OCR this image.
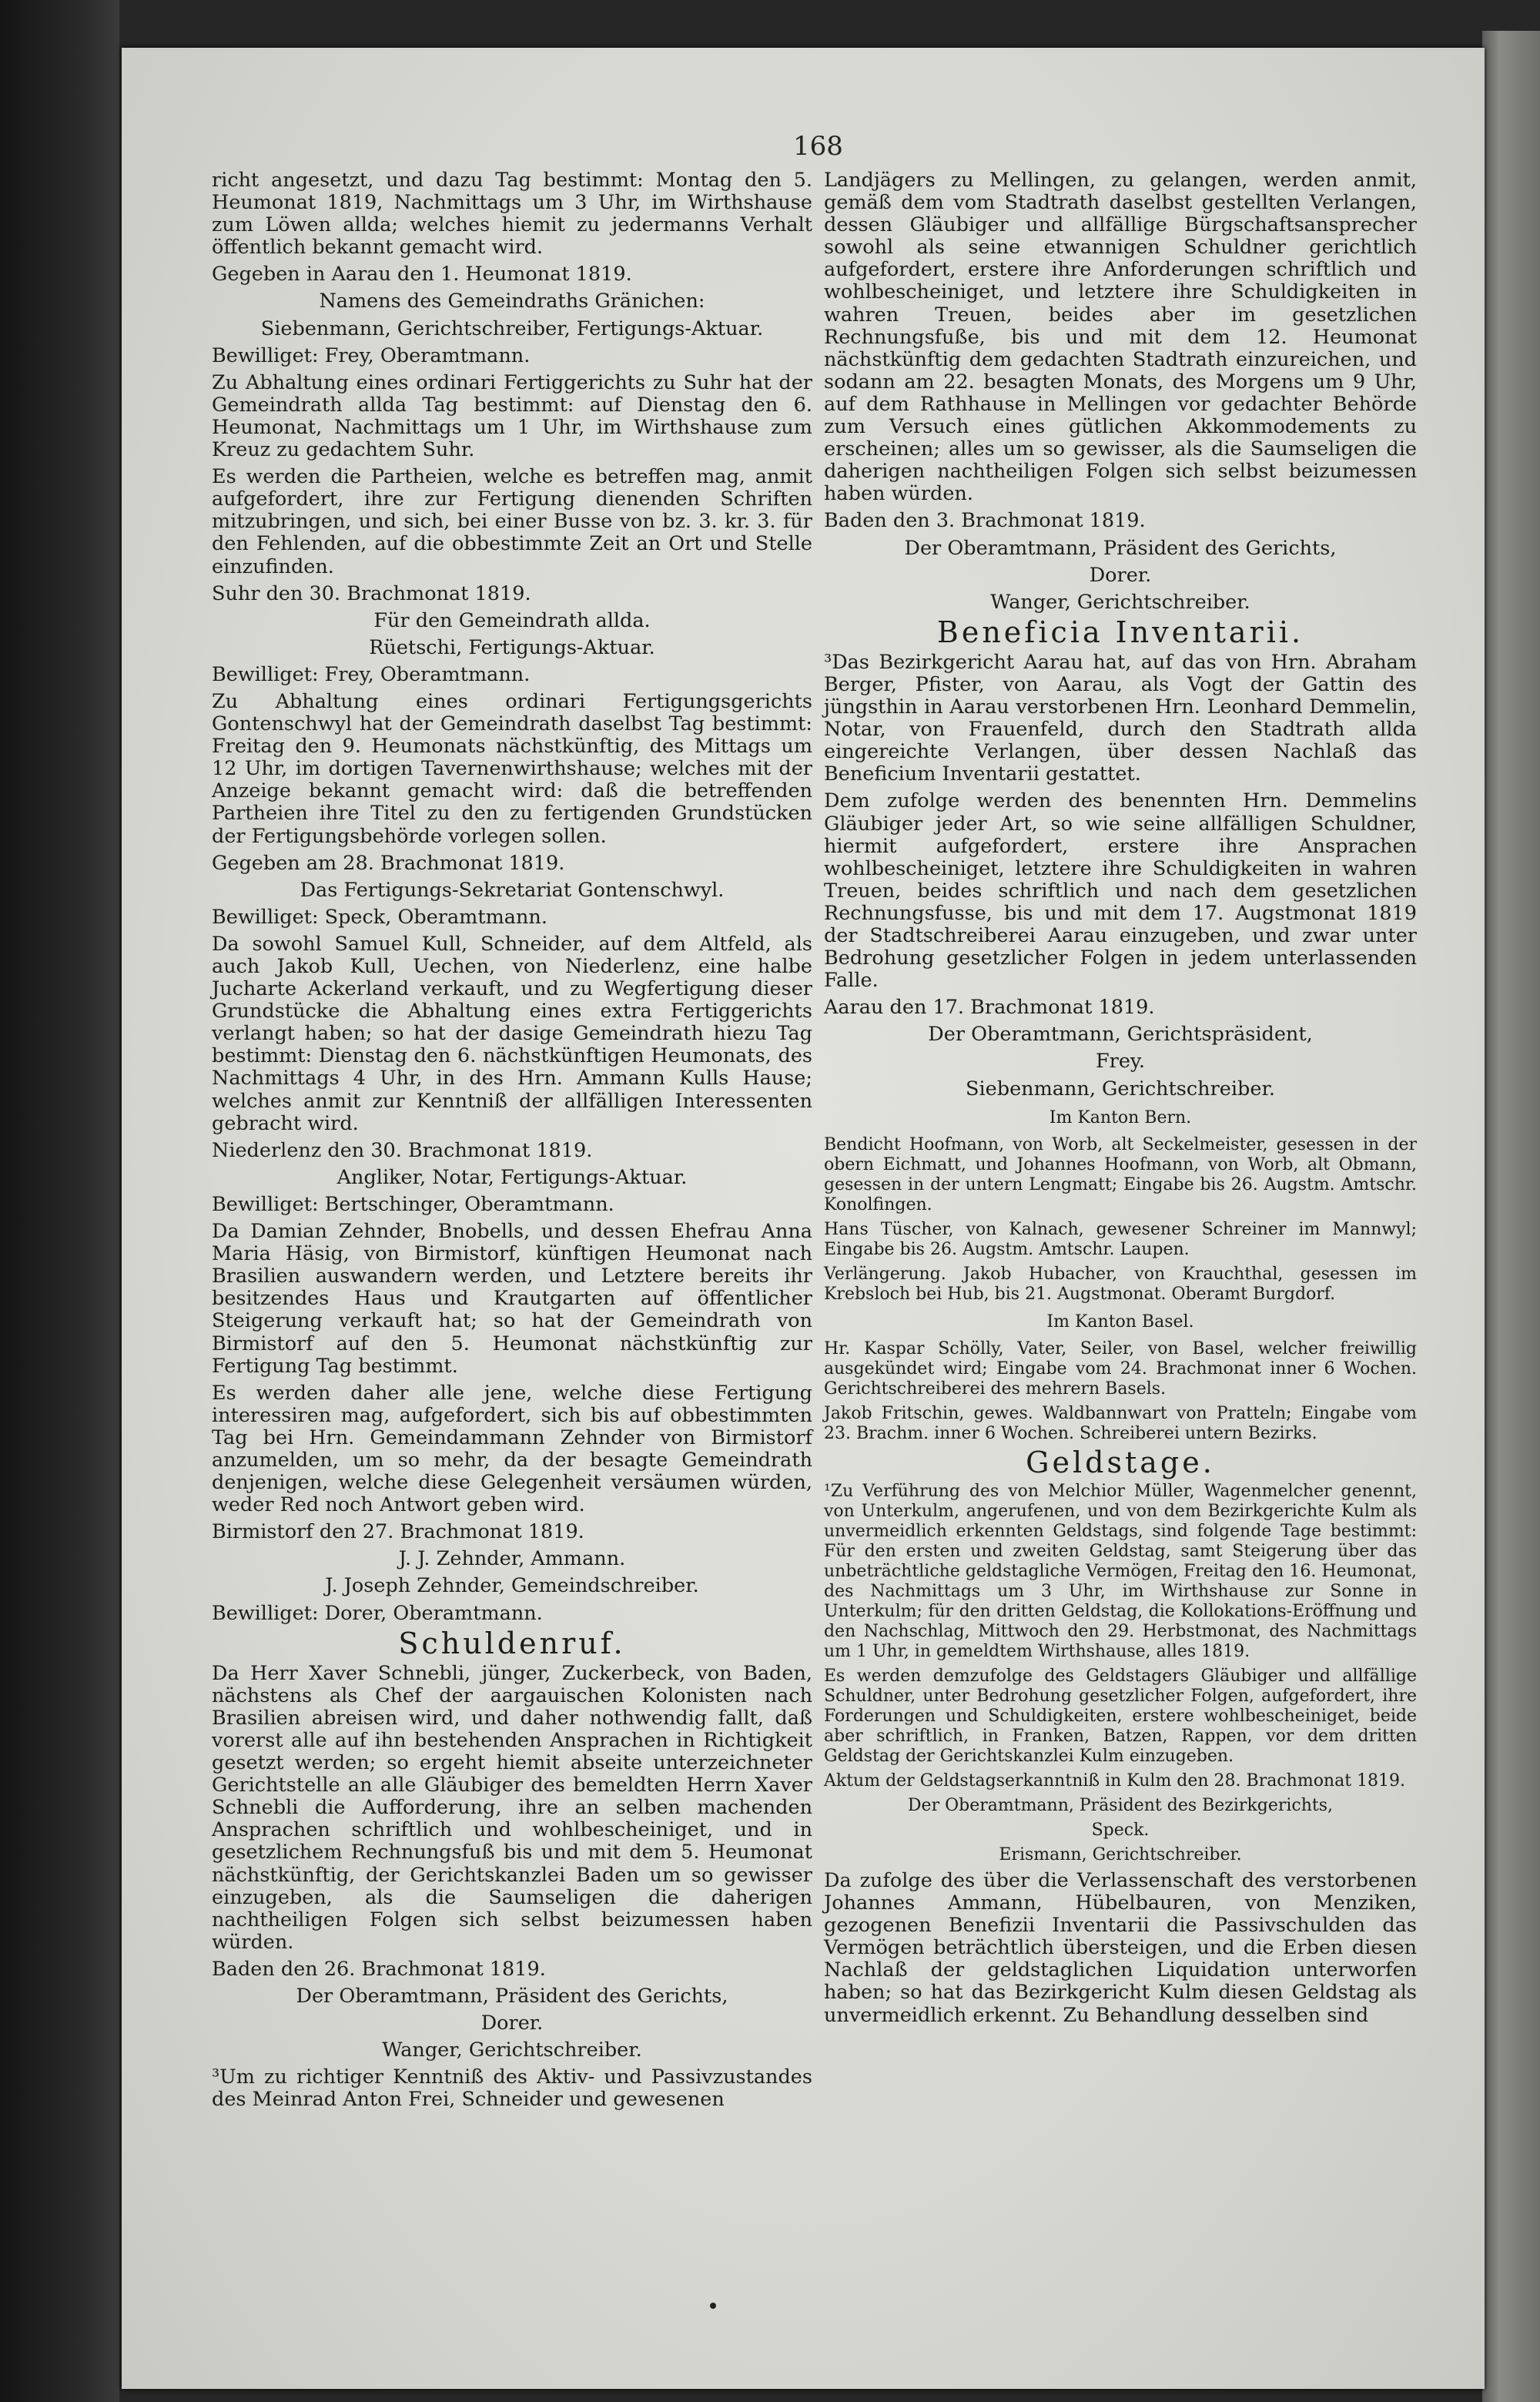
168

richt angesetzt, und dazu Tag bestimmt: Montag den 5. Heumonat 1819, Nachmittags um 3 Uhr, im Wirthshause zum Löwen allda; welches hiemit zu jedermanns Verhalt öffentlich bekannt gemacht wird.

Gegeben in Aarau den 1. Heumonat 1819.

Namens des Gemeindraths Gränichen:

Siebenmann, Gerichtschreiber, Fertigungs-Aktuar.

Bewilliget: Frey, Oberamtmann.

Zu Abhaltung eines ordinari Fertiggerichts zu Suhr hat der Gemeindrath allda Tag bestimmt: auf Dienstag den 6. Heumonat, Nachmittags um 1 Uhr, im Wirthshause zum Kreuz zu gedachtem Suhr.

Es werden die Partheien, welche es betreffen mag, anmit aufgefordert, ihre zur Fertigung dienenden Schriften mitzubringen, und sich, bei einer Busse von bz. 3. kr. 3. für den Fehlenden, auf die obbestimmte Zeit an Ort und Stelle einzufinden.

Suhr den 30. Brachmonat 1819.

Für den Gemeindrath allda.

Rüetschi, Fertigungs-Aktuar.

Bewilliget: Frey, Oberamtmann.

Zu Abhaltung eines ordinari Fertigungsgerichts Gontenschwyl hat der Gemeindrath daselbst Tag bestimmt: Freitag den 9. Heumonats nächstkünftig, des Mittags um 12 Uhr, im dortigen Tavernenwirthshause; welches mit der Anzeige bekannt gemacht wird: daß die betreffenden Partheien ihre Titel zu den zu fertigenden Grundstücken der Fertigungsbehörde vorlegen sollen.

Gegeben am 28. Brachmonat 1819.

Das Fertigungs-Sekretariat Gontenschwyl.

Bewilliget: Speck, Oberamtmann.

Da sowohl Samuel Kull, Schneider, auf dem Altfeld, als auch Jakob Kull, Uechen, von Niederlenz, eine halbe Jucharte Ackerland verkauft, und zu Wegfertigung dieser Grundstücke die Abhaltung eines extra Fertiggerichts verlangt haben; so hat der dasige Gemeindrath hiezu Tag bestimmt: Dienstag den 6. nächstkünftigen Heumonats, des Nachmittags 4 Uhr, in des Hrn. Ammann Kulls Hause; welches anmit zur Kenntniß der allfälligen Interessenten gebracht wird.

Niederlenz den 30. Brachmonat 1819.

Angliker, Notar, Fertigungs-Aktuar.

Bewilliget: Bertschinger, Oberamtmann.

Da Damian Zehnder, Bnobells, und dessen Ehefrau Anna Maria Häsig, von Birmistorf, künftigen Heumonat nach Brasilien auswandern werden, und Letztere bereits ihr besitzendes Haus und Krautgarten auf öffentlicher Steigerung verkauft hat; so hat der Gemeindrath von Birmistorf auf den 5. Heumonat nächstkünftig zur Fertigung Tag bestimmt.

Es werden daher alle jene, welche diese Fertigung interessiren mag, aufgefordert, sich bis auf obbestimmten Tag bei Hrn. Gemeindammann Zehnder von Birmistorf anzumelden, um so mehr, da der besagte Gemeindrath denjenigen, welche diese Gelegenheit versäumen würden, weder Red noch Antwort geben wird.

Birmistorf den 27. Brachmonat 1819.

J. J. Zehnder, Ammann.

J. Joseph Zehnder, Gemeindschreiber.

Bewilliget: Dorer, Oberamtmann.

Schuldenruf.

Da Herr Xaver Schnebli, jünger, Zuckerbeck, von Baden, nächstens als Chef der aargauischen Kolonisten nach Brasilien abreisen wird, und daher nothwendig fallt, daß vorerst alle auf ihn bestehenden Ansprachen in Richtigkeit gesetzt werden; so ergeht hiemit abseite unterzeichneter Gerichtstelle an alle Gläubiger des bemeldten Herrn Xaver Schnebli die Aufforderung, ihre an selben machenden Ansprachen schriftlich und wohlbescheiniget, und in gesetzlichem Rechnungsfuß bis und mit dem 5. Heumonat nächstkünftig, der Gerichtskanzlei Baden um so gewisser einzugeben, als die Saumseligen die daherigen nachtheiligen Folgen sich selbst beizumessen haben würden.

Baden den 26. Brachmonat 1819.

Der Oberamtmann, Präsident des Gerichts,

Dorer.

Wanger, Gerichtschreiber.

³Um zu richtiger Kenntniß des Aktiv- und Passivzustandes des Meinrad Anton Frei, Schneider und gewesenen

Landjägers zu Mellingen, zu gelangen, werden anmit, gemäß dem vom Stadtrath daselbst gestellten Verlangen, dessen Gläubiger und allfällige Bürgschaftsansprecher sowohl als seine etwannigen Schuldner gerichtlich aufgefordert, erstere ihre Anforderungen schriftlich und wohlbescheiniget, und letztere ihre Schuldigkeiten in wahren Treuen, beides aber im gesetzlichen Rechnungsfuße, bis und mit dem 12. Heumonat nächstkünftig dem gedachten Stadtrath einzureichen, und sodann am 22. besagten Monats, des Morgens um 9 Uhr, auf dem Rathhause in Mellingen vor gedachter Behörde zum Versuch eines gütlichen Akkommodements zu erscheinen; alles um so gewisser, als die Saumseligen die daherigen nachtheiligen Folgen sich selbst beizumessen haben würden.

Baden den 3. Brachmonat 1819.

Der Oberamtmann, Präsident des Gerichts,

Dorer.

Wanger, Gerichtschreiber.

Beneficia Inventarii.

³Das Bezirkgericht Aarau hat, auf das von Hrn. Abraham Berger, Pfister, von Aarau, als Vogt der Gattin des jüngsthin in Aarau verstorbenen Hrn. Leonhard Demmelin, Notar, von Frauenfeld, durch den Stadtrath allda eingereichte Verlangen, über dessen Nachlaß das Beneficium Inventarii gestattet.

Dem zufolge werden des benennten Hrn. Demmelins Gläubiger jeder Art, so wie seine allfälligen Schuldner, hiermit aufgefordert, erstere ihre Ansprachen wohlbescheiniget, letztere ihre Schuldigkeiten in wahren Treuen, beides schriftlich und nach dem gesetzlichen Rechnungsfusse, bis und mit dem 17. Augstmonat 1819 der Stadtschreiberei Aarau einzugeben, und zwar unter Bedrohung gesetzlicher Folgen in jedem unterlassenden Falle.

Aarau den 17. Brachmonat 1819.

Der Oberamtmann, Gerichtspräsident,

Frey.

Siebenmann, Gerichtschreiber.

Im Kanton Bern.

Bendicht Hoofmann, von Worb, alt Seckelmeister, gesessen in der obern Eichmatt, und Johannes Hoofmann, von Worb, alt Obmann, gesessen in der untern Lengmatt; Eingabe bis 26. Augstm. Amtschr. Konolfingen.

Hans Tüscher, von Kalnach, gewesener Schreiner im Mannwyl; Eingabe bis 26. Augstm. Amtschr. Laupen.

Verlängerung. Jakob Hubacher, von Krauchthal, gesessen im Krebsloch bei Hub, bis 21. Augstmonat. Oberamt Burgdorf.

Im Kanton Basel.

Hr. Kaspar Schölly, Vater, Seiler, von Basel, welcher freiwillig ausgekündet wird; Eingabe vom 24. Brachmonat inner 6 Wochen. Gerichtschreiberei des mehrern Basels.

Jakob Fritschin, gewes. Waldbannwart von Pratteln; Eingabe vom 23. Brachm. inner 6 Wochen. Schreiberei untern Bezirks.

Geldstage.

¹Zu Verführung des von Melchior Müller, Wagenmelcher genennt, von Unterkulm, angerufenen, und von dem Bezirkgerichte Kulm als unvermeidlich erkennten Geldstags, sind folgende Tage bestimmt: Für den ersten und zweiten Geldstag, samt Steigerung über das unbeträchtliche geldstagliche Vermögen, Freitag den 16. Heumonat, des Nachmittags um 3 Uhr, im Wirthshause zur Sonne in Unterkulm; für den dritten Geldstag, die Kollokations-Eröffnung und den Nachschlag, Mittwoch den 29. Herbstmonat, des Nachmittags um 1 Uhr, in gemeldtem Wirthshause, alles 1819.

Es werden demzufolge des Geldstagers Gläubiger und allfällige Schuldner, unter Bedrohung gesetzlicher Folgen, aufgefordert, ihre Forderungen und Schuldigkeiten, erstere wohlbescheiniget, beide aber schriftlich, in Franken, Batzen, Rappen, vor dem dritten Geldstag der Gerichtskanzlei Kulm einzugeben.

Aktum der Geldstagserkanntniß in Kulm den 28. Brachmonat 1819.

Der Oberamtmann, Präsident des Bezirkgerichts,

Speck.

Erismann, Gerichtschreiber.

Da zufolge des über die Verlassenschaft des verstorbenen Johannes Ammann, Hübelbauren, von Menziken, gezogenen Benefizii Inventarii die Passivschulden das Vermögen beträchtlich übersteigen, und die Erben diesen Nachlaß der geldstaglichen Liquidation unterworfen haben; so hat das Bezirkgericht Kulm diesen Geldstag als unvermeidlich erkennt. Zu Behandlung desselben sind
